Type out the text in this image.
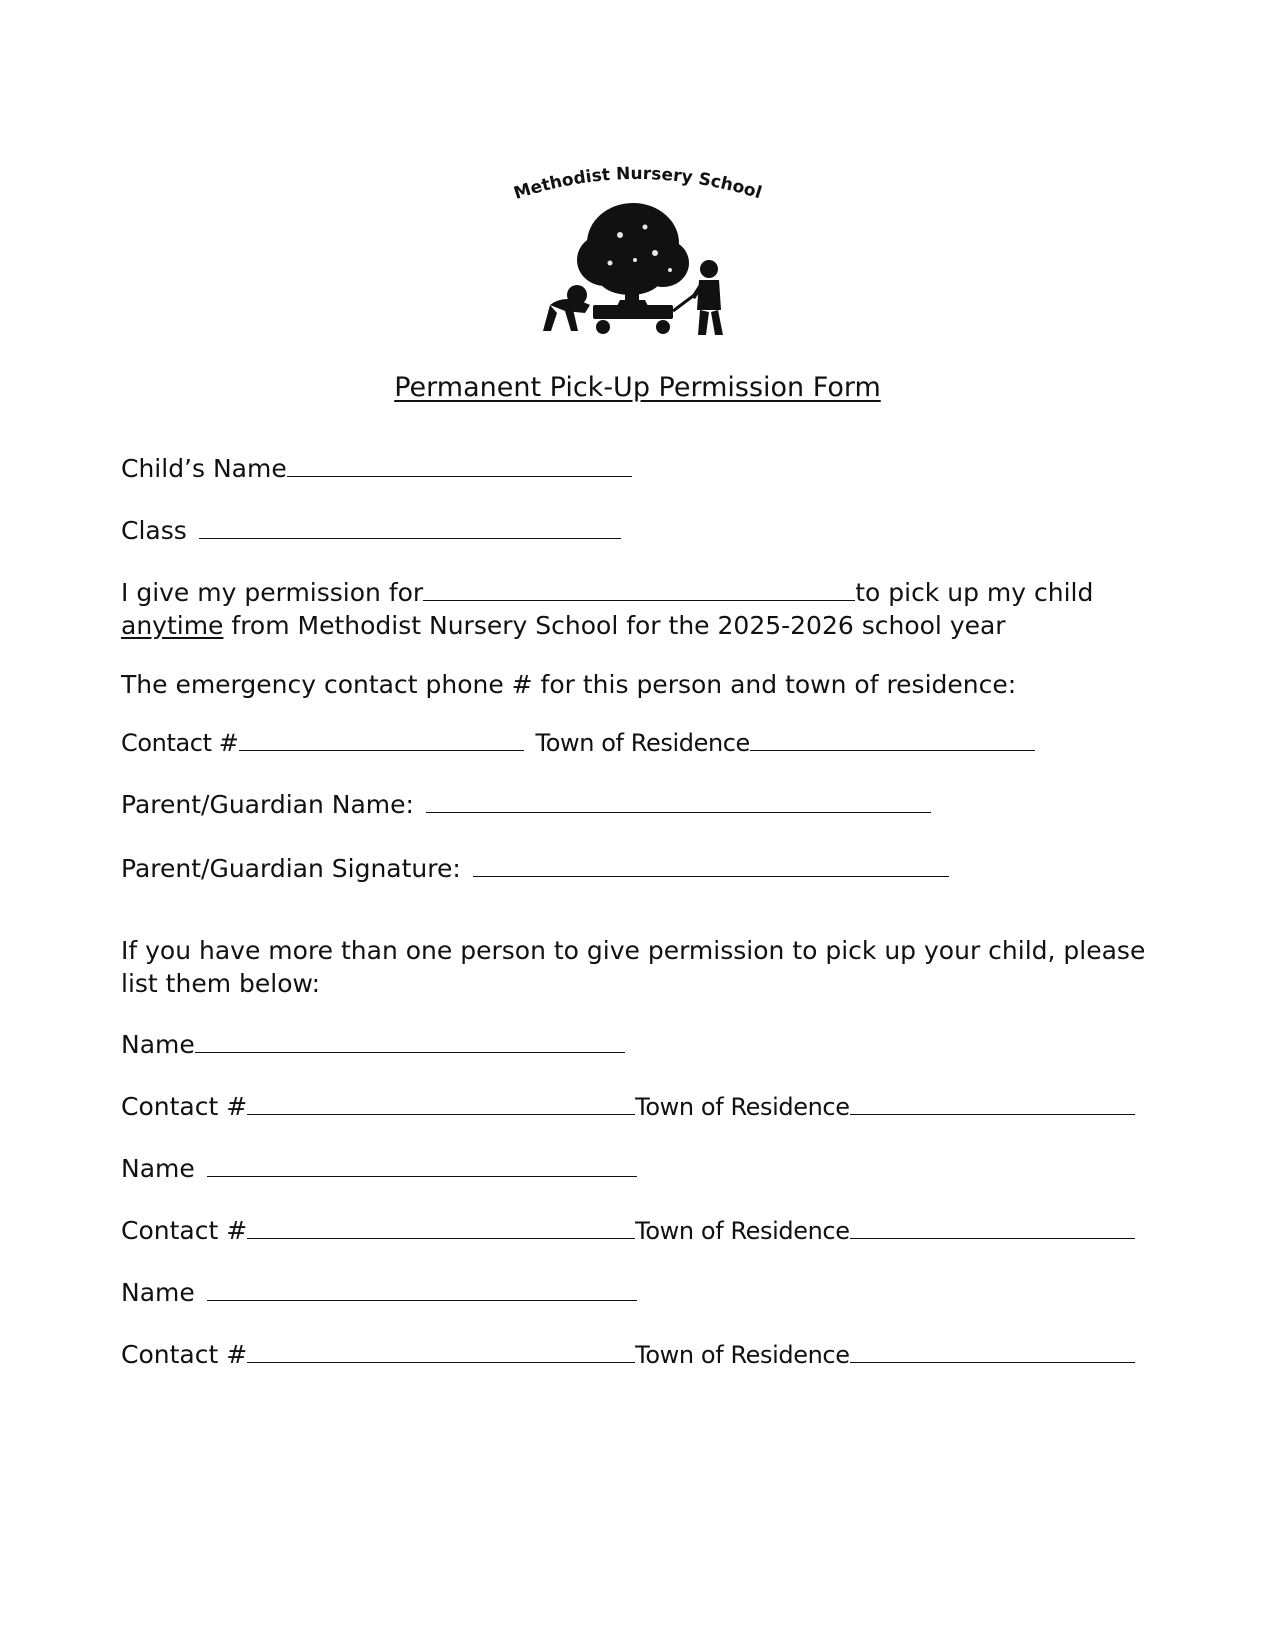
Methodist Nursery School
Permanent Pick-Up Permission Form
Child’s Name
Class
I give my permission for	to pick up my child
anytime from Methodist Nursery School for the 2025-2026 school year
The emergency contact phone # for this person and town of residence:
Contact #	Town of Residence
Parent/Guardian Name:
Parent/Guardian Signature:
If you have more than one person to give permission to pick up your child, please list them below:
Name
Contact #	Town of Residence
Name
Contact #	Town of Residence
Name
Contact #	Town of Residence
